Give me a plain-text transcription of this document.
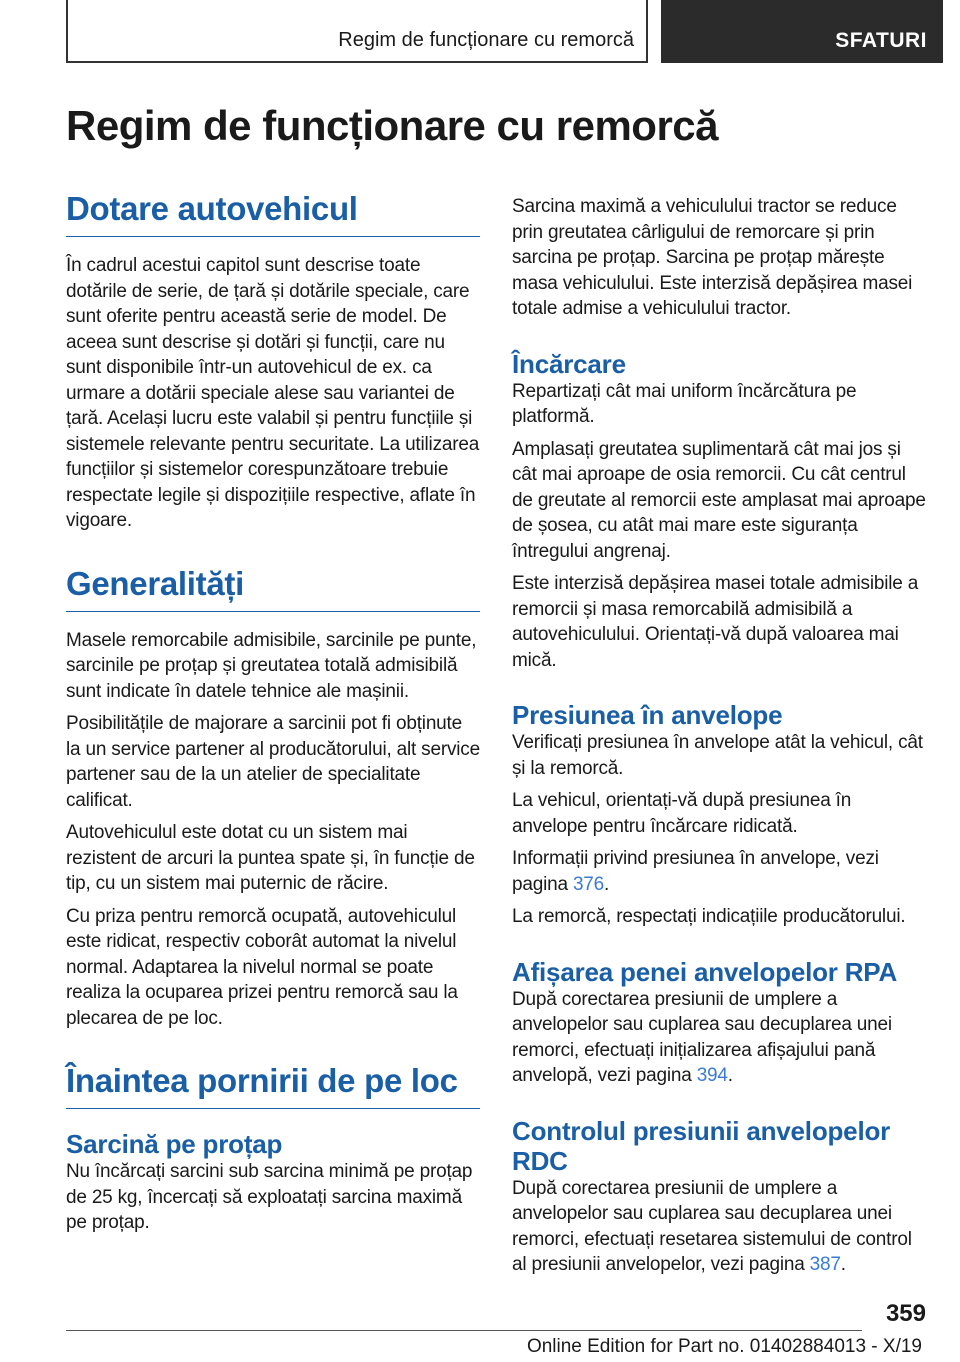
Regim de funcționare cu remorcă	SFATURI
Regim de funcționare cu remorcă
Dotare autovehicul

În cadrul acestui capitol sunt descrise toate dotările de serie, de țară și dotările speciale, care sunt oferite pentru această serie de model. De aceea sunt descrise și dotări și funcții, care nu sunt disponibile într-un autovehicul de ex. ca urmare a dotării speciale alese sau variantei de țară. Același lucru este valabil și pentru funcțiile și sistemele relevante pentru securitate. La utilizarea funcțiilor și sistemelor corespunzătoare trebuie respectate legile și dispozițiile respective, aflate în vigoare.

Generalități

Masele remorcabile admisibile, sarcinile pe punte, sarcinile pe proțap și greutatea totală admisibilă sunt indicate în datele tehnice ale mașinii.

Posibilitățile de majorare a sarcinii pot fi obținute la un service partener al producătorului, alt service partener sau de la un atelier de specialitate calificat.

Autovehiculul este dotat cu un sistem mai rezistent de arcuri la puntea spate și, în funcție de tip, cu un sistem mai puternic de răcire.

Cu priza pentru remorcă ocupată, autovehiculul este ridicat, respectiv coborât automat la nivelul normal. Adaptarea la nivelul normal se poate realiza la ocuparea prizei pentru remorcă sau la plecarea de pe loc.

Înaintea pornirii de pe loc
Sarcină pe proțap

Nu încărcați sarcini sub sarcina minimă pe proțap de 25 kg, încercați să exploatați sarcina maximă pe proțap.

Sarcina maximă a vehiculului tractor se reduce prin greutatea cârligului de remorcare și prin sarcina pe proțap. Sarcina pe proțap mărește masa vehiculului. Este interzisă depășirea masei totale admise a vehiculului tractor.

Încărcare

Repartizați cât mai uniform încărcătura pe platformă.

Amplasați greutatea suplimentară cât mai jos și cât mai aproape de osia remorcii. Cu cât centrul de greutate al remorcii este amplasat mai aproape de șosea, cu atât mai mare este siguranța întregului angrenaj.

Este interzisă depășirea masei totale admisibile a remorcii și masa remorcabilă admisibilă a autovehiculului. Orientați-vă după valoarea mai mică.

Presiunea în anvelope

Verificați presiunea în anvelope atât la vehicul, cât și la remorcă.

La vehicul, orientați-vă după presiunea în anvelope pentru încărcare ridicată.

Informații privind presiunea în anvelope, vezi pagina 376.

La remorcă, respectați indicațiile producătorului.

Afișarea penei anvelopelor RPA

După corectarea presiunii de umplere a anvelopelor sau cuplarea sau decuplarea unei remorci, efectuați inițializarea afișajului pană anvelopă, vezi pagina 394.

Controlul presiunii anvelopelor RDC

După corectarea presiunii de umplere a anvelopelor sau cuplarea sau decuplarea unei remorci, efectuați resetarea sistemului de control al presiunii anvelopelor, vezi pagina 387.

359
Online Edition for Part no. 01402884013 - X/19
